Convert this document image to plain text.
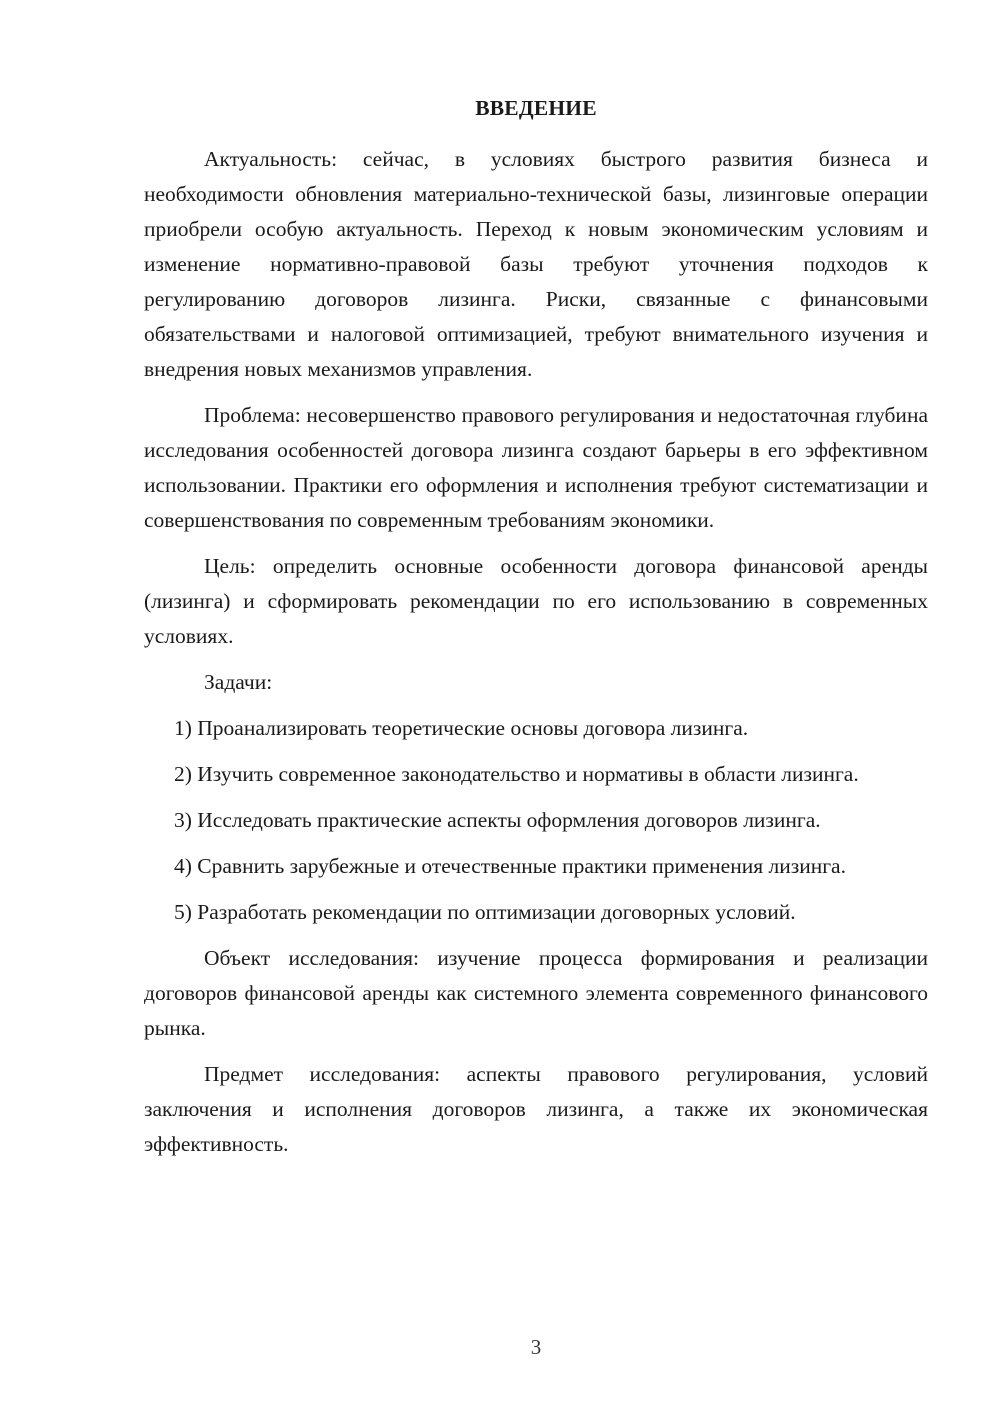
ВВЕДЕНИЕ

Актуальность: сейчас, в условиях быстрого развития бизнеса и необходимости обновления материально-технической базы, лизинговые операции приобрели особую актуальность. Переход к новым экономическим условиям и изменение нормативно-правовой базы требуют уточнения подходов к регулированию договоров лизинга. Риски, связанные с финансовыми обязательствами и налоговой оптимизацией, требуют внимательного изучения и внедрения новых механизмов управления.

Проблема: несовершенство правового регулирования и недостаточная глубина исследования особенностей договора лизинга создают барьеры в его эффективном использовании. Практики его оформления и исполнения требуют систематизации и совершенствования по современным требованиям экономики.

Цель: определить основные особенности договора финансовой аренды (лизинга) и сформировать рекомендации по его использованию в современных условиях.

Задачи:

1) Проанализировать теоретические основы договора лизинга.

2) Изучить современное законодательство и нормативы в области лизинга.

3) Исследовать практические аспекты оформления договоров лизинга.

4) Сравнить зарубежные и отечественные практики применения лизинга.

5) Разработать рекомендации по оптимизации договорных условий.

Объект исследования: изучение процесса формирования и реализации договоров финансовой аренды как системного элемента современного финансового рынка.

Предмет исследования: аспекты правового регулирования, условий заключения и исполнения договоров лизинга, а также их экономическая эффективность.

3
